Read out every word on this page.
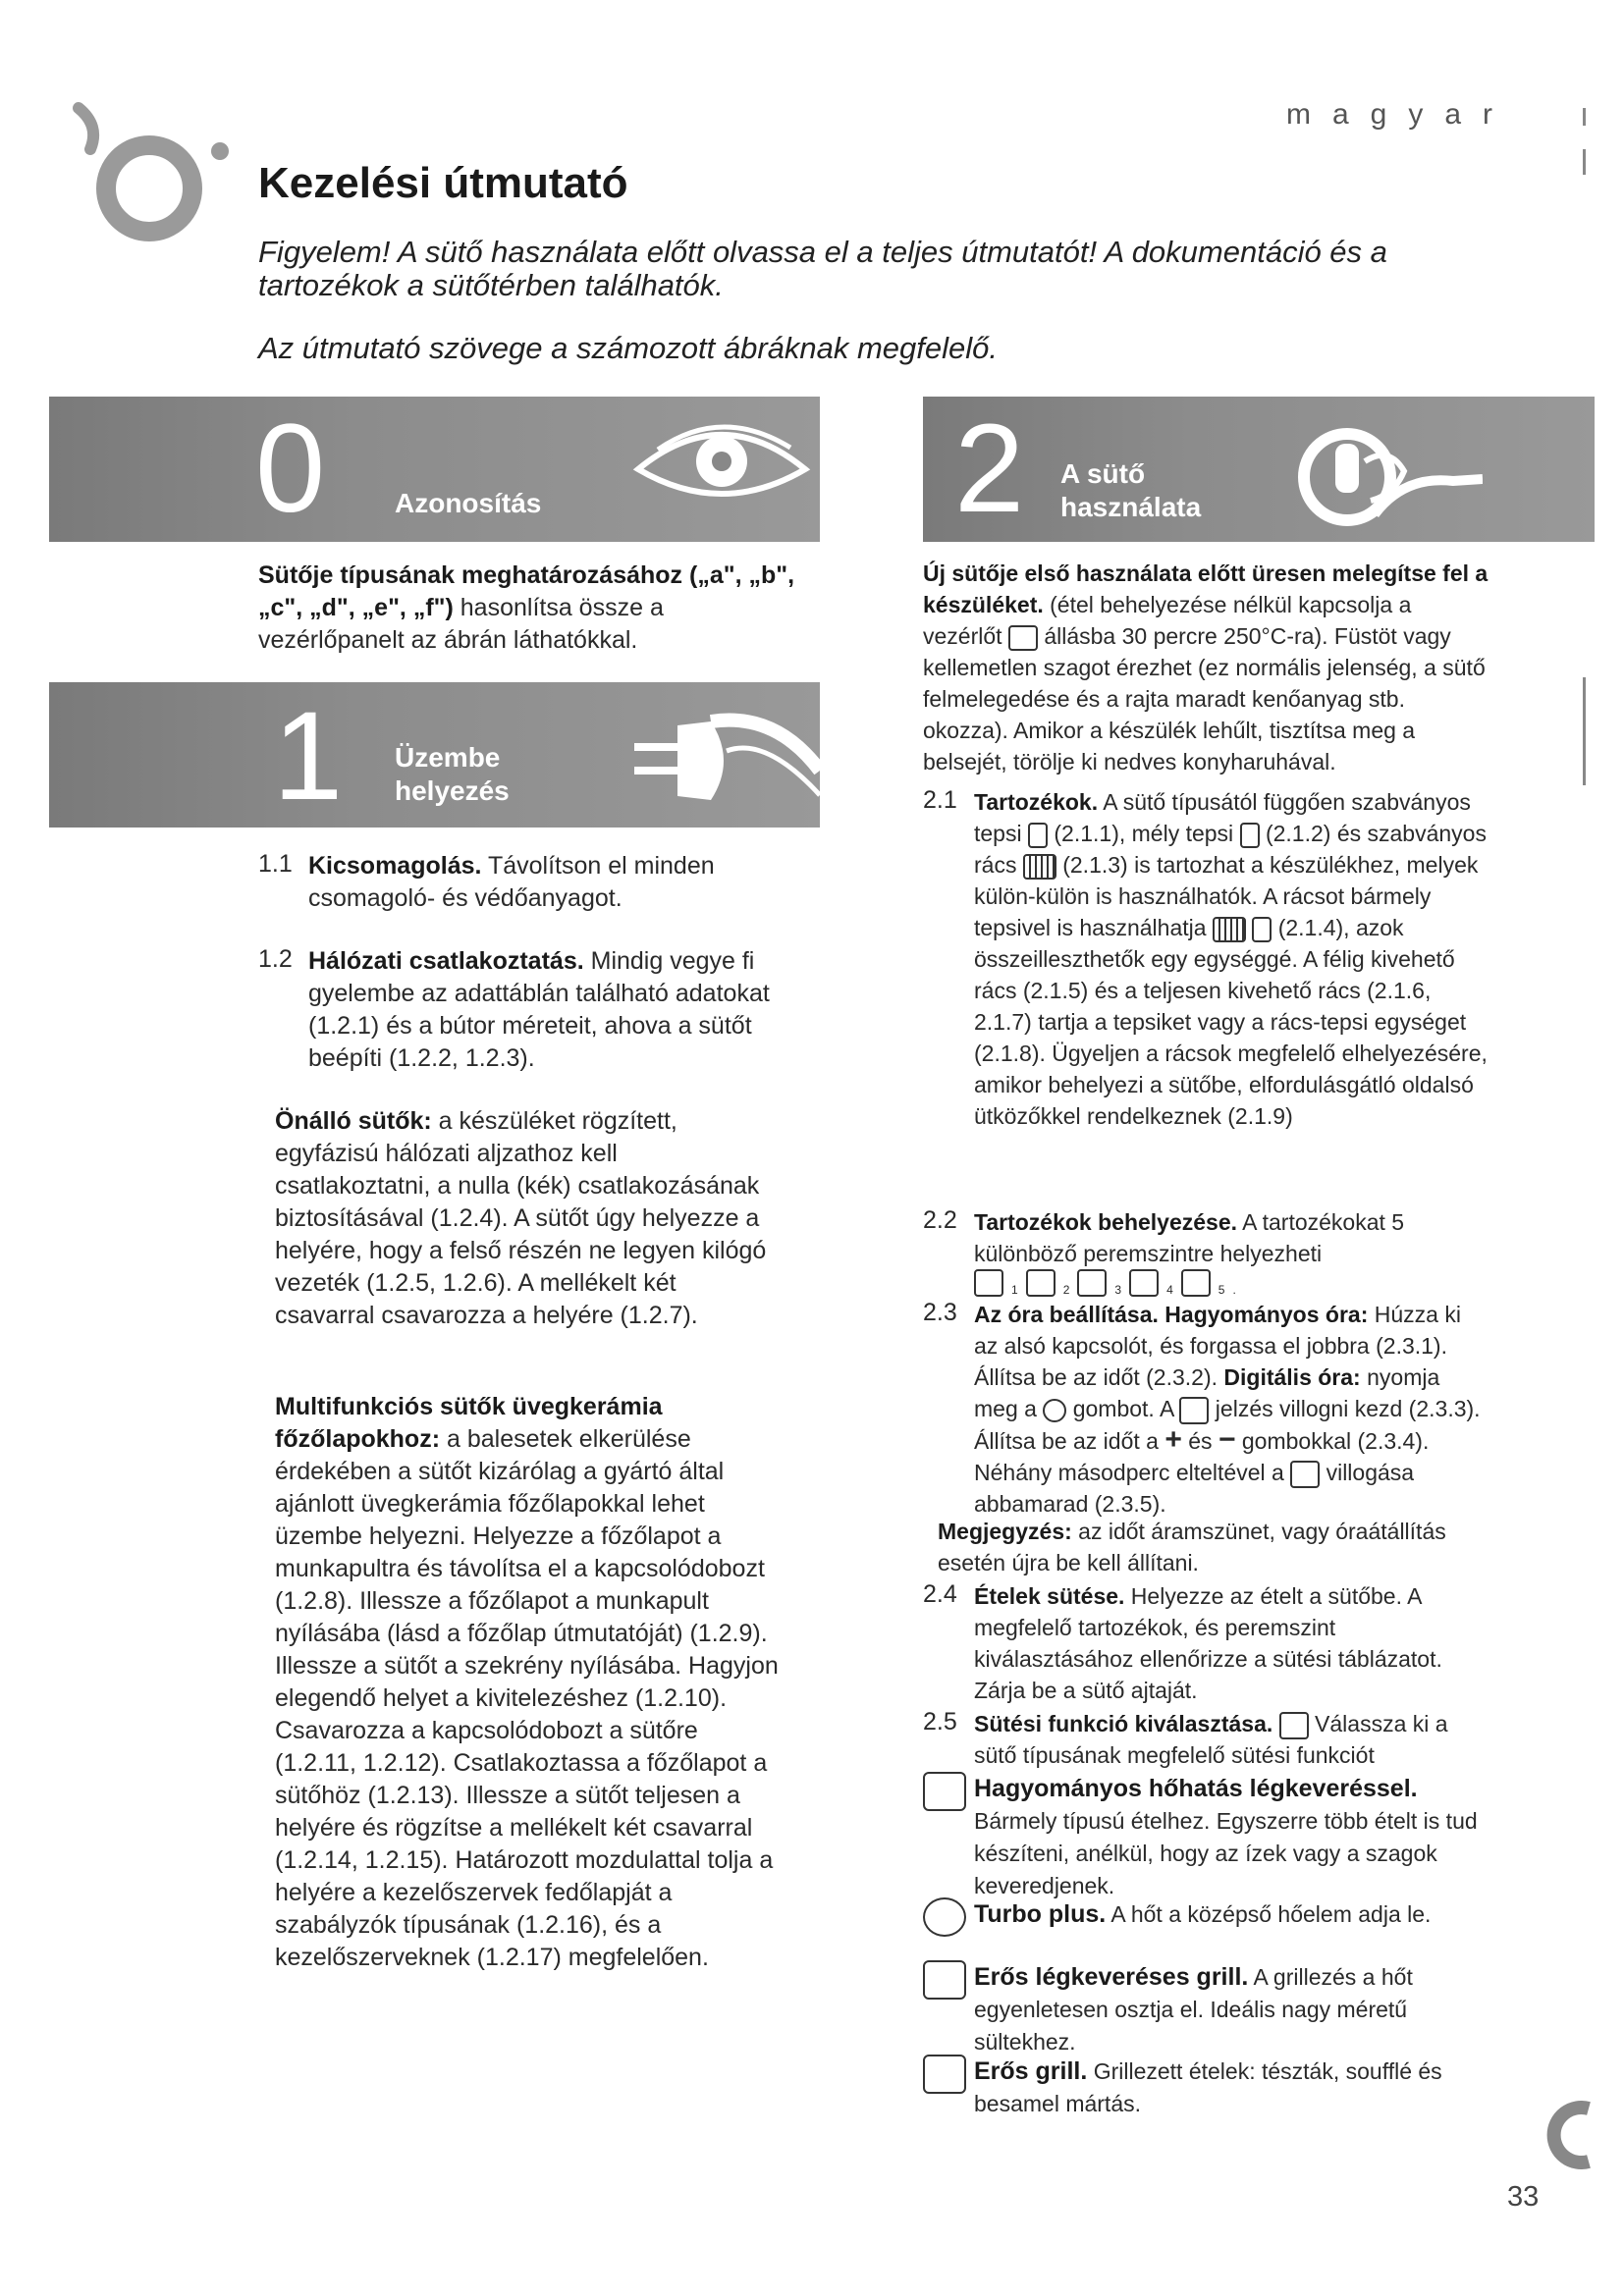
magyar
Kezelési útmutató
Figyelem! A sütő használata előtt olvassa el a teljes útmutatót! A dokumentáció és a tartozékok a sütőtérben találhatók.
Az útmutató szövege a számozott ábráknak megfelelő.
0	Azonosítás
1 Üzembe
helyezés
2 A sütő
használata
Sütője típusának meghatározásához („a", „b", „c", „d", „e", „f") hasonlítsa össze a vezérlőpanelt az ábrán láthatókkal.
1.1 Kicsomagolás. Távolítson el minden csomagoló- és védőanyagot.
1.2 Hálózati csatlakoztatás. Mindig vegye fi gyelembe az adattáblán található adatokat (1.2.1) és a bútor méreteit, ahova a sütőt beépíti (1.2.2, 1.2.3).
Önálló sütők: a készüléket rögzített, egyfázisú hálózati aljzathoz kell csatlakoztatni, a nulla (kék) csatlakozásának biztosításával (1.2.4). A sütőt úgy helyezze a helyére, hogy a felső részén ne legyen kilógó vezeték (1.2.5, 1.2.6). A mellékelt két csavarral csavarozza a helyére (1.2.7).
Multifunkciós sütők üvegkerámia főzőlapokhoz: a balesetek elkerülése érdekében a sütőt kizárólag a gyártó által ajánlott üvegkerámia főzőlapokkal lehet üzembe helyezni. Helyezze a főzőlapot a munkapultra és távolítsa el a kapcsolódobozt (1.2.8). Illessze a főzőlapot a munkapult nyílásába (lásd a főzőlap útmutatóját) (1.2.9). Illessze a sütőt a szekrény nyílásába. Hagyjon elegendő helyet a kivitelezéshez (1.2.10). Csavarozza a kapcsolódobozt a sütőre (1.2.11, 1.2.12). Csatlakoztassa a főzőlapot a sütőhöz (1.2.13). Illessze a sütőt teljesen a helyére és rögzítse a mellékelt két csavarral (1.2.14, 1.2.15). Határozott mozdulattal tolja a helyére a kezelőszervek fedőlapját a szabályzók típusának (1.2.16), és a kezelőszerveknek (1.2.17) megfelelően.
Új sütője első használata előtt üresen melegítse fel a készüléket. (étel behelyezése nélkül kapcsolja a vezérlőt  állásba 30 percre 250°C-ra). Füstöt vagy kellemetlen szagot érezhet (ez normális jelenség, a sütő felmelegedése és a rajta maradt kenőanyag stb. okozza). Amikor a készülék lehűlt, tisztítsa meg a belsejét, törölje ki nedves konyharuhával.
2.1 Tartozékok. A sütő típusától függően szabványos tepsi  (2.1.1), mély tepsi  (2.1.2) és szabványos rács  (2.1.3) is tartozhat a készülékhez, melyek külön-külön is használhatók. A rácsot bármely tepsivel is használhatja	(2.1.4), azok összeilleszthetők egy egységgé. A félig kivehető rács (2.1.5) és a teljesen kivehető rács (2.1.6, 2.1.7) tartja a tepsiket vagy a rács-tepsi egységet (2.1.8). Ügyeljen a rácsok megfelelő elhelyezésére, amikor behelyezi a sütőbe, elfordulásgátló oldalsó ütközőkkel rendelkeznek (2.1.9)
2.2 Tartozékok behelyezése. A tartozékokat 5 különböző peremszintre helyezheti
1	2	3	4	5 .
2.3 Az óra beállítása. Hagyományos óra: Húzza ki az alsó kapcsolót, és forgassa el jobbra (2.3.1). Állítsa be az időt (2.3.2). Digitális óra: nyomja meg a  gombot. A  jelzés villogni kezd (2.3.3). Állítsa be az időt a + és − gombokkal (2.3.4). Néhány másodperc elteltével a  villogása abbamarad (2.3.5).
Megjegyzés: az időt áramszünet, vagy óraátállítás esetén újra be kell állítani.
2.4 Ételek sütése. Helyezze az ételt a sütőbe. A megfelelő tartozékok, és peremszint kiválasztásához ellenőrizze a sütési táblázatot. Zárja be a sütő ajtaját.
2.5 Sütési funkció kiválasztása.  Válassza ki a sütő típusának megfelelő sütési funkciót
Hagyományos hőhatás légkeveréssel. Bármely típusú ételhez. Egyszerre több ételt is tud készíteni, anélkül, hogy az ízek vagy a szagok keveredjenek.
Turbo plus. A hőt a középső hőelem adja le.
Erős légkeveréses grill. A grillezés a hőt egyenletesen osztja el. Ideális nagy méretű sültekhez.
Erős grill. Grillezett ételek: tészták, soufflé és besamel mártás.
33
